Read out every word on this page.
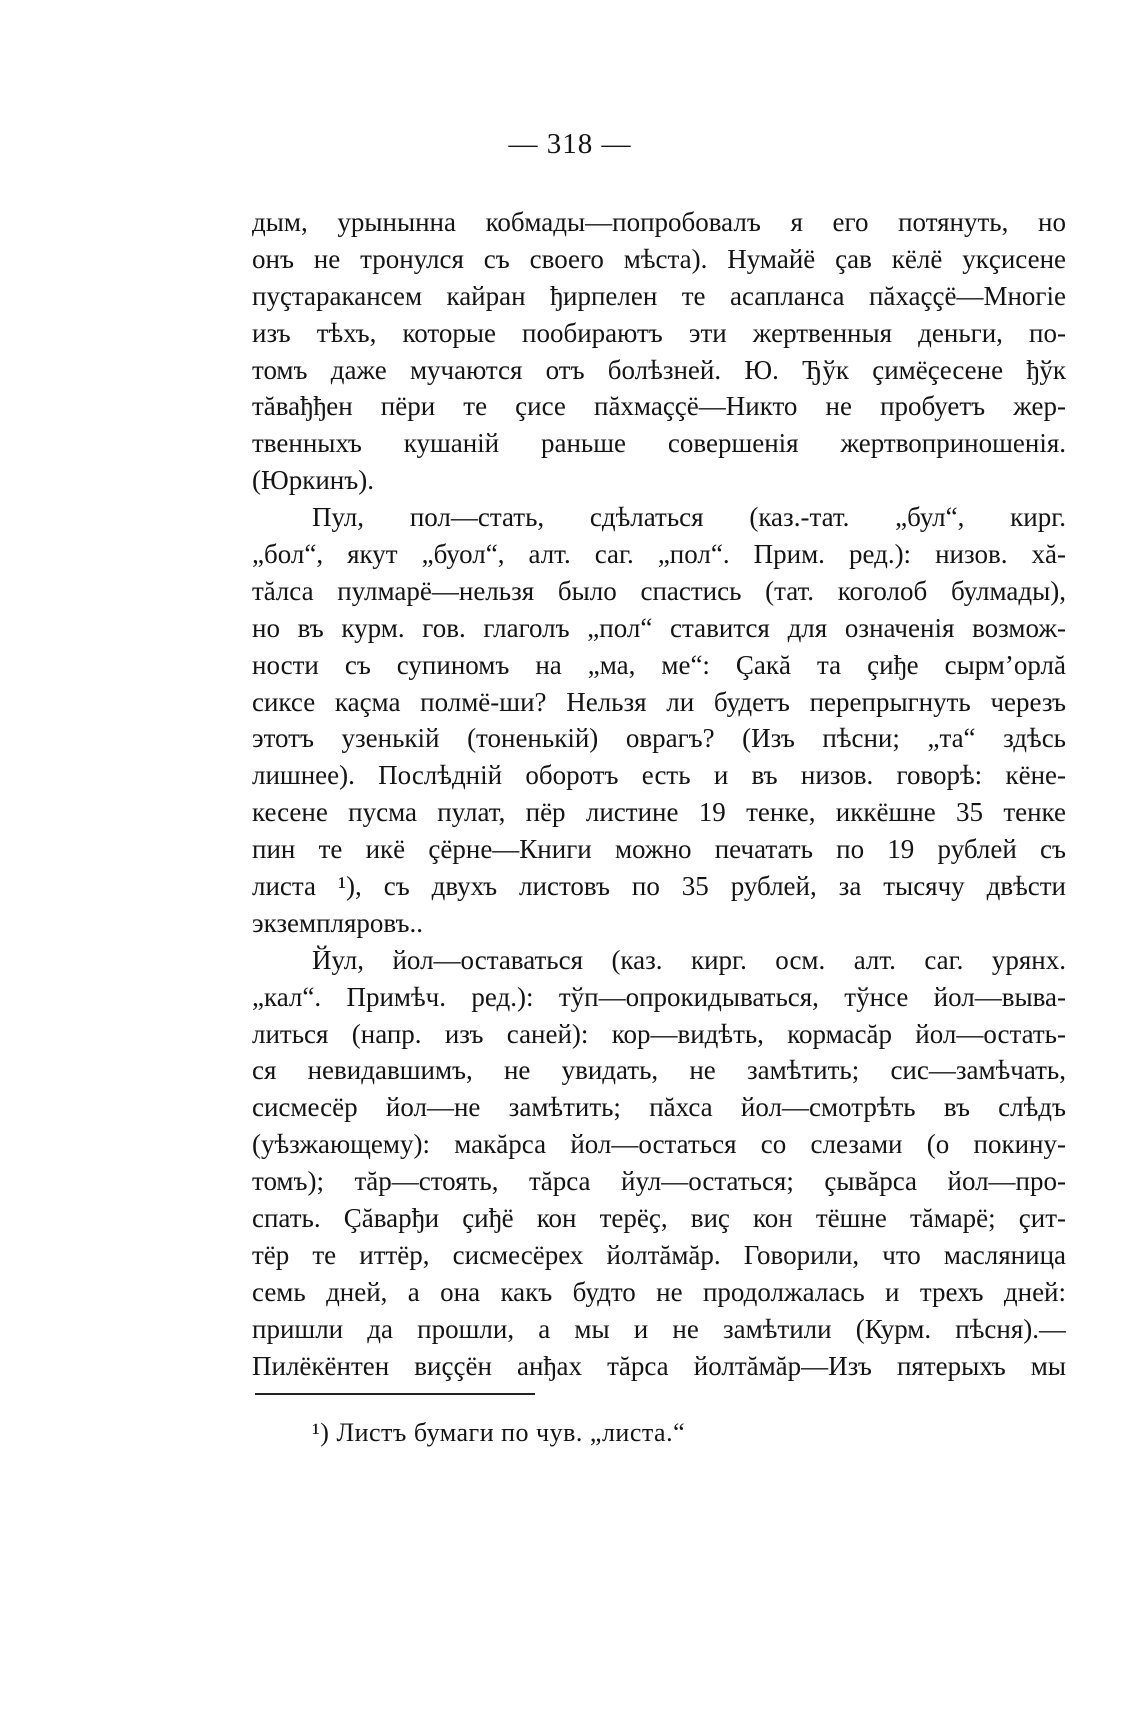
— 318 —
дым, урынынна кобмады—попробовалъ я его потянуть, но
онъ не тронулся съ своего мѣста). Нумайё çав кёлё укçисене
пуçтаракансем кайран ђирпелен те асапланса пăхаççё—Многіе
изъ тѣхъ, которые пообираютъ эти жертвенныя деньги, по-
томъ даже мучаются отъ болѣзней. Ю. Ђўк çимёçесене ђўк
тăвађђен пёри те çисе пăхмаççё—Никто не пробуетъ жер-
твенныхъ кушаній раньше совершенія жертвоприношенія.
(Юркинъ).
Пул, пол—стать, сдѣлаться (каз.-тат. „бул“, кирг.
„бол“, якут „буол“, алт. саг. „пол“. Прим. ред.): низов. хă-
тăлса пулмарё—нельзя было спастись (тат. коголоб булмады),
но въ курм. гов. глаголъ „пол“ ставится для означенія возмож-
ности съ супиномъ на „ма, ме“: Çакă та çиђе сырм’орлă
сиксе каçма полмё-ши? Нельзя ли будетъ перепрыгнуть черезъ
этотъ узенькій (тоненькій) оврагъ? (Изъ пѣсни; „та“ здѣсь
лишнее). Послѣдній оборотъ есть и въ низов. говорѣ: кёне-
кесене пусма пулат, пёр листине 19 тенке, иккёшне 35 тенке
пин те икё çёрне—Книги можно печатать по 19 рублей съ
листа ¹), съ двухъ листовъ по 35 рублей, за тысячу двѣсти
экземпляровъ..
Йул, йол—оставаться (каз. кирг. осм. алт. саг. урянх.
„кал“. Примѣч. ред.): тўп—опрокидываться, тўнсе йол—выва-
литься (напр. изъ саней): кор—видѣть, кормасăр йол—остать-
ся невидавшимъ, не увидать, не замѣтить; сис—замѣчать,
сисмесёр йол—не замѣтить; пăхса йол—смотрѣть въ слѣдъ
(уѣзжающему): макăрса йол—остаться со слезами (о покину-
томъ); тăр—стоять, тăрса йул—остаться; çывăрса йол—про-
спать. Çăварђи çиђё кон терёç, виç кон тёшне тăмарё; çит-
тёр те иттёр, сисмесёрех йолтăмăр. Говорили, что масляница
семь дней, а она какъ будто не продолжалась и трехъ дней:
пришли да прошли, а мы и не замѣтили (Курм. пѣсня).—
Пилёкёнтен виççён анђах тăрса йолтăмăр—Изъ пятерыхъ мы
¹) Листъ бумаги по чув. „листа.“
